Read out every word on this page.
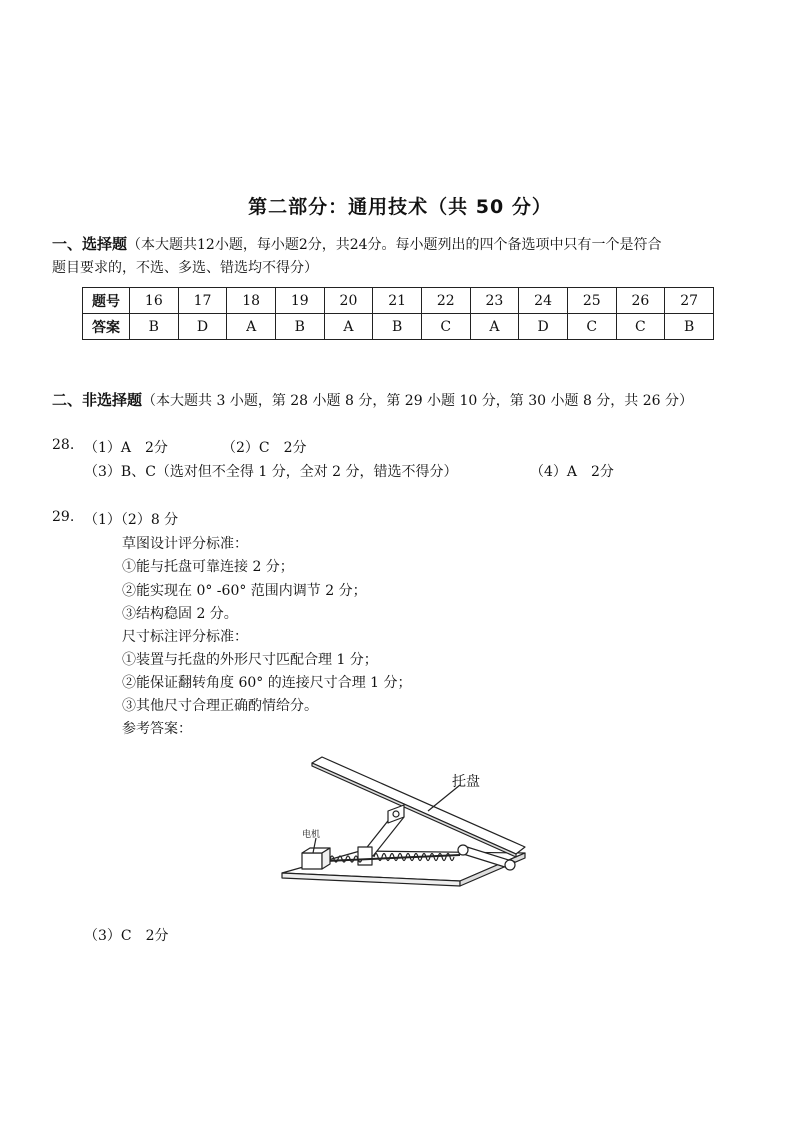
第二部分：通用技术（共 50 分）
一、选择题（本大题共12小题，每小题2分，共24分。每小题列出的四个备选项中只有一个是符合
题目要求的，不选、多选、错选均不得分）
题号	16	17	18	19	20	21	22	23	24	25	26	27
答案	B	D	A	B	A	B	C	A	D	C	C	B
二、非选择题（本大题共 3 小题，第 28 小题 8 分，第 29 小题 10 分，第 30 小题 8 分，共 26 分）
28. （1）A　2分	（2）C　2分
（3）B、C（选对但不全得 1 分，全对 2 分，错选不得分）	（4）A　2分
29. （1）（2）8 分
草图设计评分标准：
①能与托盘可靠连接 2 分；
②能实现在 0° -60° 范围内调节 2 分；
③结构稳固 2 分。
尺寸标注评分标准：
①装置与托盘的外形尺寸匹配合理 1 分；
②能保证翻转角度 60° 的连接尺寸合理 1 分；
③其他尺寸合理正确酌情给分。
参考答案：
托盘
电机
（3）C　2分
